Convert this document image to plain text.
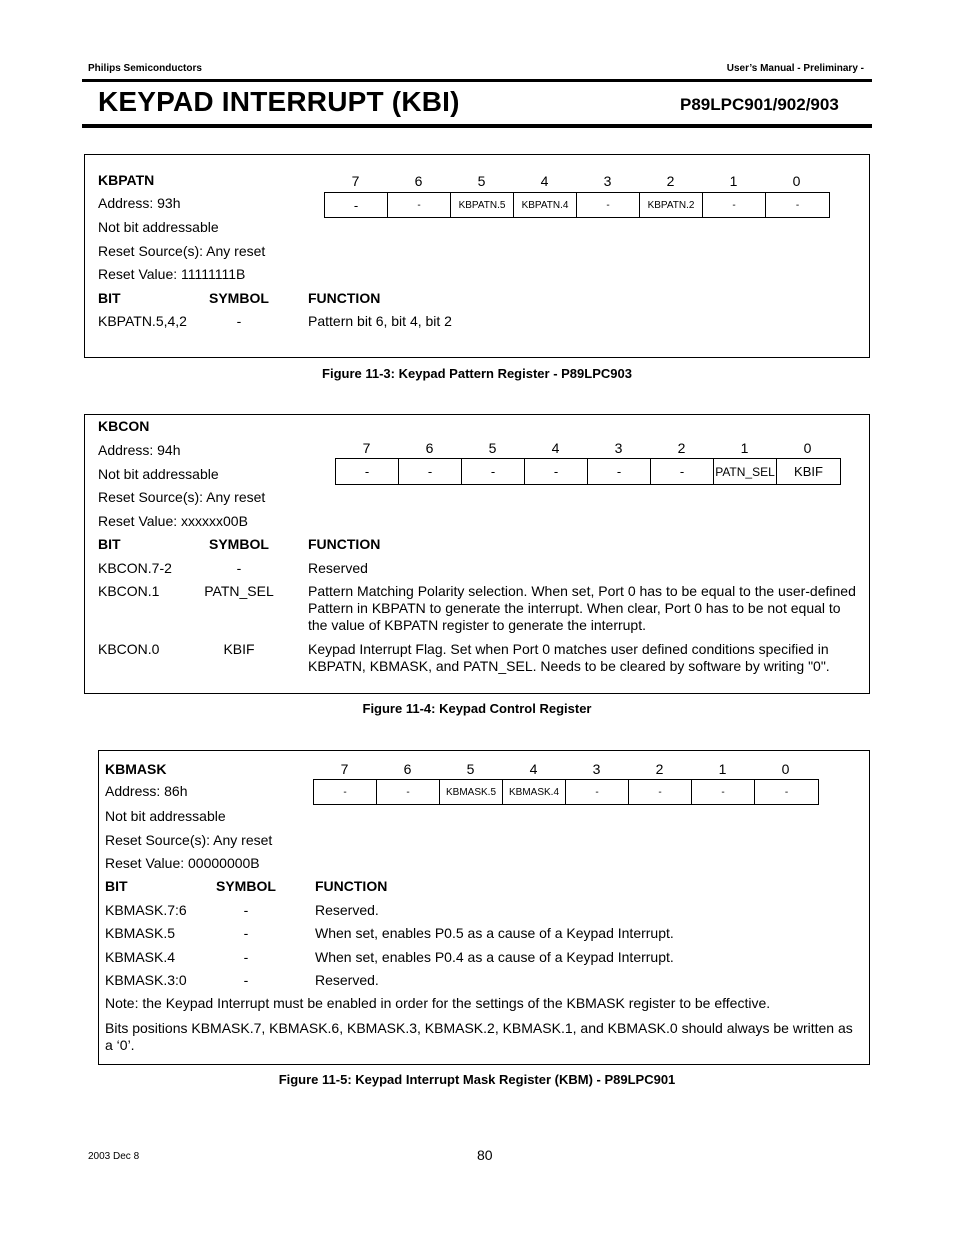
Philips Semiconductors	User’s Manual - Preliminary -
KEYPAD INTERRUPT (KBI)	P89LPC901/902/903
KBPATN
Address: 93h
Not bit addressable
Reset Source(s): Any reset
Reset Value: 11111111B
7	6	5	4	3	2	1	0
-	-	KBPATN.5	KBPATN.4	-	KBPATN.2	-	-
BIT	SYMBOL	FUNCTION
KBPATN.5,4,2	-	Pattern bit 6, bit 4, bit 2
Figure 11-3: Keypad Pattern Register - P89LPC903
KBCON
Address: 94h
Not bit addressable
Reset Source(s): Any reset
Reset Value: xxxxxx00B
7	6	5	4	3	2	1	0
-	-	-	-	-	-	PATN_SEL	KBIF
BIT	SYMBOL	FUNCTION
KBCON.7-2	-	Reserved
KBCON.1	PATN_SEL	Pattern Matching Polarity selection. When set, Port 0 has to be equal to the user-defined Pattern in KBPATN to generate the interrupt. When clear, Port 0 has to be not equal to the value of KBPATN register to generate the interrupt.
KBCON.0	KBIF	Keypad Interrupt Flag. Set when Port 0 matches user defined conditions specified in KBPATN, KBMASK, and PATN_SEL. Needs to be cleared by software by writing "0".
Figure 11-4: Keypad Control Register
KBMASK
Address: 86h
Not bit addressable
Reset Source(s): Any reset
Reset Value: 00000000B
7	6	5	4	3	2	1	0
-	-	KBMASK.5	KBMASK.4	-	-	-	-
BIT	SYMBOL	FUNCTION
KBMASK.7:6	-	Reserved.
KBMASK.5	-	When set, enables P0.5 as a cause of a Keypad Interrupt.
KBMASK.4	-	When set, enables P0.4 as a cause of a Keypad Interrupt.
KBMASK.3:0	-	Reserved.
Note: the Keypad Interrupt must be enabled in order for the settings of the KBMASK register to be effective.
Bits positions KBMASK.7, KBMASK.6, KBMASK.3, KBMASK.2, KBMASK.1, and KBMASK.0 should always be written as a ‘0’.
Figure 11-5: Keypad Interrupt Mask Register (KBM) - P89LPC901
2003 Dec 8	80
